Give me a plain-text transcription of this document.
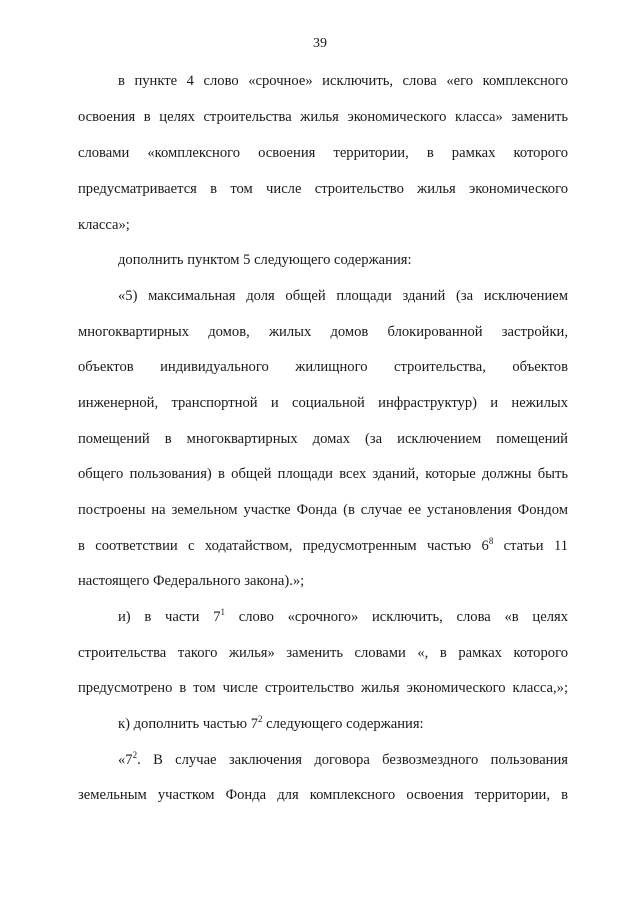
39
в пункте 4 слово «срочное» исключить, слова «его комплексного
освоения в целях строительства жилья экономического класса» заменить
словами «комплексного освоения территории, в рамках которого
предусматривается в том числе строительство жилья экономического
класса»;
дополнить пунктом 5 следующего содержания:
«5) максимальная доля общей площади зданий (за исключением
многоквартирных домов, жилых домов блокированной застройки,
объектов индивидуального жилищного строительства, объектов
инженерной, транспортной и социальной инфраструктур) и нежилых
помещений в многоквартирных домах (за исключением помещений
общего пользования) в общей площади всех зданий, которые должны быть
построены на земельном участке Фонда (в случае ее установления Фондом
в соответствии с ходатайством, предусмотренным частью $6^8$ статьи 11
настоящего Федерального закона).»;
и) в части $7^1$ слово «срочного» исключить, слова «в целях
строительства такого жилья» заменить словами «, в рамках которого
предусмотрено в том числе строительство жилья экономического класса,»;
к) дополнить частью $7^2$ следующего содержания:
«$7^2$. В случае заключения договора безвозмездного пользования
земельным участком Фонда для комплексного освоения территории, в
